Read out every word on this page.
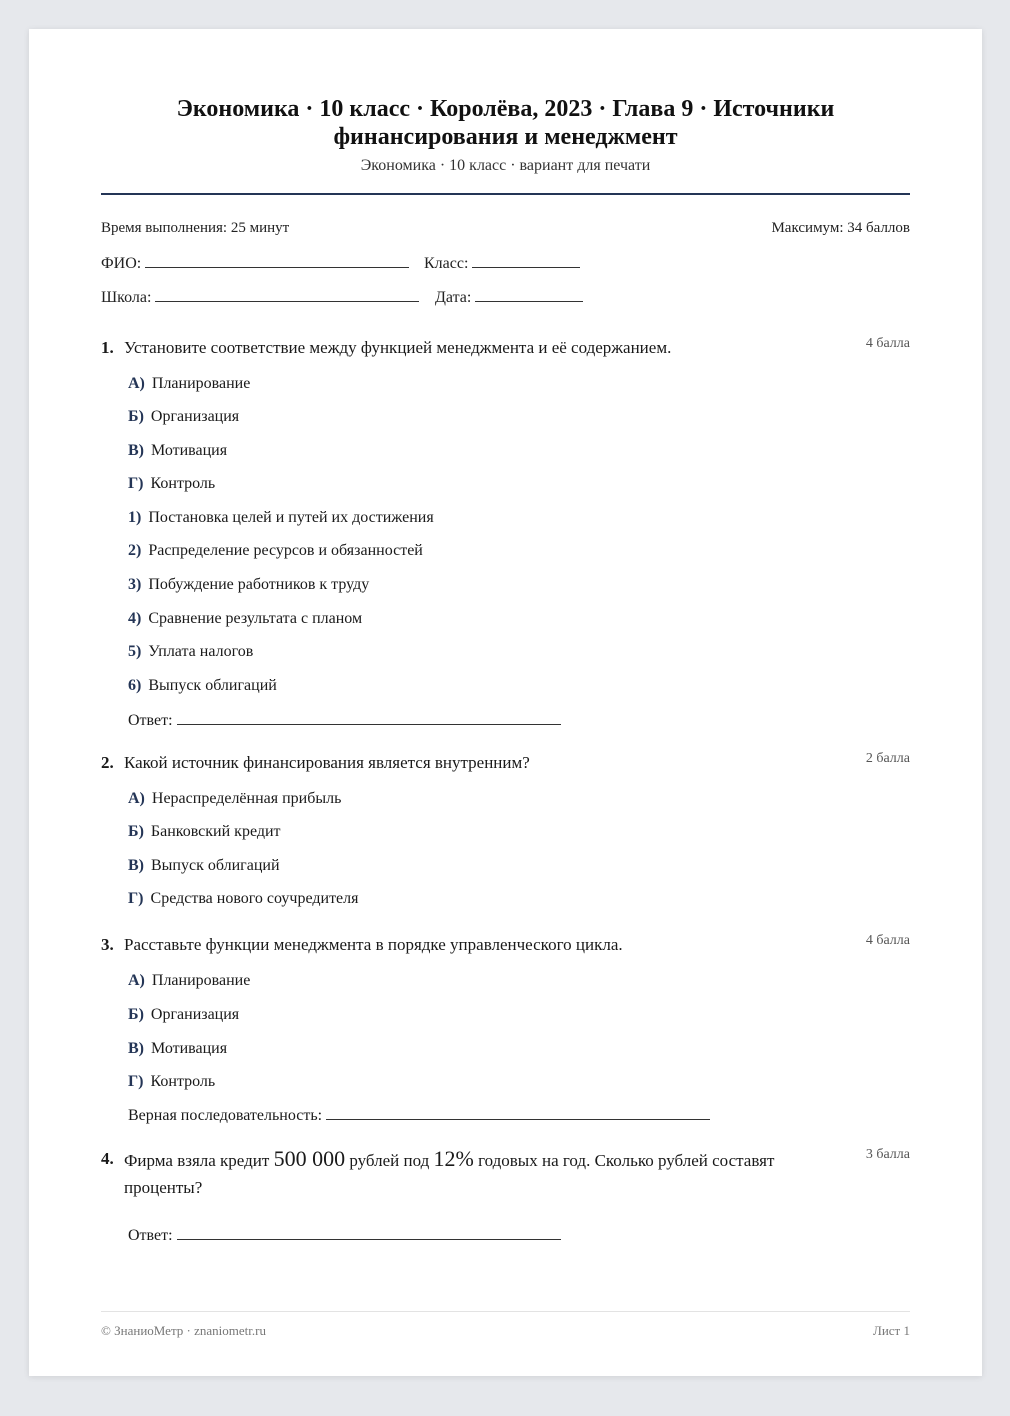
Экономика · 10 класс · Королёва, 2023 · Глава 9 · Источники финансирования и менеджмент
Экономика · 10 класс · вариант для печати
Время выполнения: 25 минут	Максимум: 34 баллов
ФИО:	Класс:
Школа:	Дата:
1. Установите соответствие между функцией менеджмента и её содержанием.	4 балла
А) Планирование
Б) Организация
В) Мотивация
Г) Контроль
1) Постановка целей и путей их достижения
2) Распределение ресурсов и обязанностей
3) Побуждение работников к труду
4) Сравнение результата с планом
5) Уплата налогов
6) Выпуск облигаций
Ответ:
2. Какой источник финансирования является внутренним?	2 балла
А) Нераспределённая прибыль
Б) Банковский кредит
В) Выпуск облигаций
Г) Средства нового соучредителя
3. Расставьте функции менеджмента в порядке управленческого цикла.	4 балла
А) Планирование
Б) Организация
В) Мотивация
Г) Контроль
Верная последовательность:
4. Фирма взяла кредит 500 000 рублей под 12% годовых на год. Сколько рублей составят проценты?
3 балла
Ответ:
© ЗнаниоМетр · znaniometr.ru	Лист 1
